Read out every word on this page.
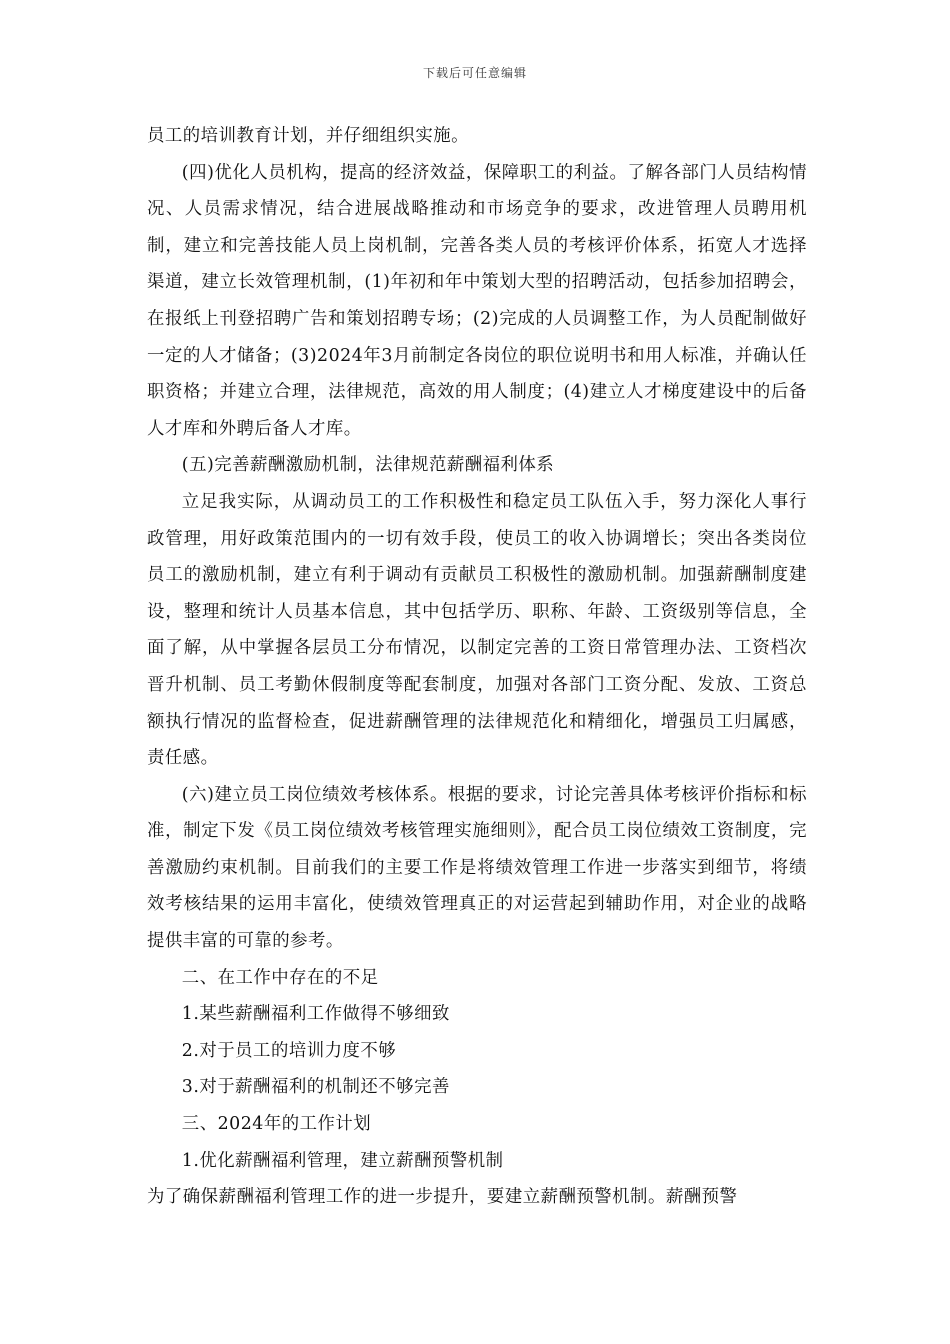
下载后可任意编辑

员工的培训教育计划，并仔细组织实施。

(四)优化人员机构，提高的经济效益，保障职工的利益。了解各部门人员结构情况、人员需求情况，结合进展战略推动和市场竞争的要求，改进管理人员聘用机制，建立和完善技能人员上岗机制，完善各类人员的考核评价体系，拓宽人才选择渠道，建立长效管理机制，(1)年初和年中策划大型的招聘活动，包括参加招聘会，在报纸上刊登招聘广告和策划招聘专场；(2)完成的人员调整工作，为人员配制做好一定的人才储备；(3)2024年3月前制定各岗位的职位说明书和用人标准，并确认任职资格；并建立合理，法律规范，高效的用人制度；(4)建立人才梯度建设中的后备人才库和外聘后备人才库。

(五)完善薪酬激励机制，法律规范薪酬福利体系

立足我实际，从调动员工的工作积极性和稳定员工队伍入手，努力深化人事行政管理，用好政策范围内的一切有效手段，使员工的收入协调增长；突出各类岗位员工的激励机制，建立有利于调动有贡献员工积极性的激励机制。加强薪酬制度建设，整理和统计人员基本信息，其中包括学历、职称、年龄、工资级别等信息，全面了解，从中掌握各层员工分布情况，以制定完善的工资日常管理办法、工资档次晋升机制、员工考勤休假制度等配套制度，加强对各部门工资分配、发放、工资总额执行情况的监督检查，促进薪酬管理的法律规范化和精细化，增强员工归属感，责任感。

(六)建立员工岗位绩效考核体系。根据的要求，讨论完善具体考核评价指标和标准，制定下发《员工岗位绩效考核管理实施细则》，配合员工岗位绩效工资制度，完善激励约束机制。目前我们的主要工作是将绩效管理工作进一步落实到细节，将绩效考核结果的运用丰富化，使绩效管理真正的对运营起到辅助作用，对企业的战略提供丰富的可靠的参考。

二、在工作中存在的不足

1.某些薪酬福利工作做得不够细致

2.对于员工的培训力度不够

3.对于薪酬福利的机制还不够完善

三、2024年的工作计划

1.优化薪酬福利管理，建立薪酬预警机制

为了确保薪酬福利管理工作的进一步提升，要建立薪酬预警机制。薪酬预警
